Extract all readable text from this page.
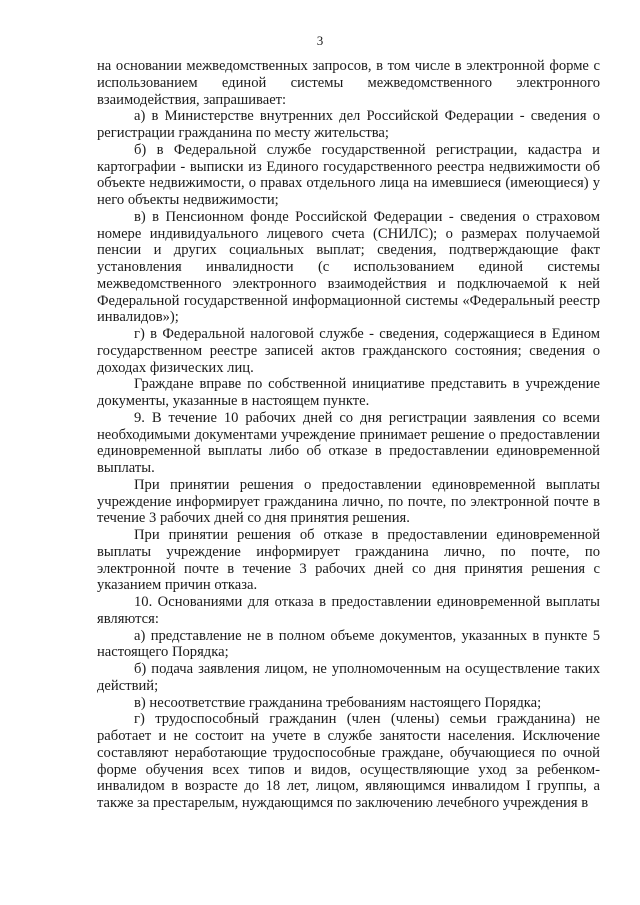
3

на основании межведомственных запросов, в том числе в электронной форме с использованием единой системы межведомственного электронного взаимодействия, запрашивает:

а) в Министерстве внутренних дел Российской Федерации - сведения о регистрации гражданина по месту жительства;

б) в Федеральной службе государственной регистрации, кадастра и картографии - выписки из Единого государственного реестра недвижимости об объекте недвижимости, о правах отдельного лица на имевшиеся (имеющиеся) у него объекты недвижимости;

в) в Пенсионном фонде Российской Федерации - сведения о страховом номере индивидуального лицевого счета (СНИЛС); о размерах получаемой пенсии и других социальных выплат; сведения, подтверждающие факт установления инвалидности (с использованием единой системы межведомственного электронного взаимодействия и подключаемой к ней Федеральной государственной информационной системы «Федеральный реестр инвалидов»);

г) в Федеральной налоговой службе - сведения, содержащиеся в Едином государственном реестре записей актов гражданского состояния; сведения о доходах физических лиц.

Граждане вправе по собственной инициативе представить в учреждение документы, указанные в настоящем пункте.

9. В течение 10 рабочих дней со дня регистрации заявления со всеми необходимыми документами учреждение принимает решение о предоставлении единовременной выплаты либо об отказе в предоставлении единовременной выплаты.

При принятии решения о предоставлении единовременной выплаты учреждение информирует гражданина лично, по почте, по электронной почте в течение 3 рабочих дней со дня принятия решения.

При принятии решения об отказе в предоставлении единовременной выплаты учреждение информирует гражданина лично, по почте, по электронной почте в течение 3 рабочих дней со дня принятия решения с указанием причин отказа.

10. Основаниями для отказа в предоставлении единовременной выплаты являются:

а) представление не в полном объеме документов, указанных в пункте 5 настоящего Порядка;

б) подача заявления лицом, не уполномоченным на осуществление таких действий;

в) несоответствие гражданина требованиям настоящего Порядка;

г) трудоспособный гражданин (член (члены) семьи гражданина) не работает и не состоит на учете в службе занятости населения. Исключение составляют неработающие трудоспособные граждане, обучающиеся по очной форме обучения всех типов и видов, осуществляющие уход за ребенком-инвалидом в возрасте до 18 лет, лицом, являющимся инвалидом I группы, а также за престарелым, нуждающимся по заключению лечебного учреждения в
